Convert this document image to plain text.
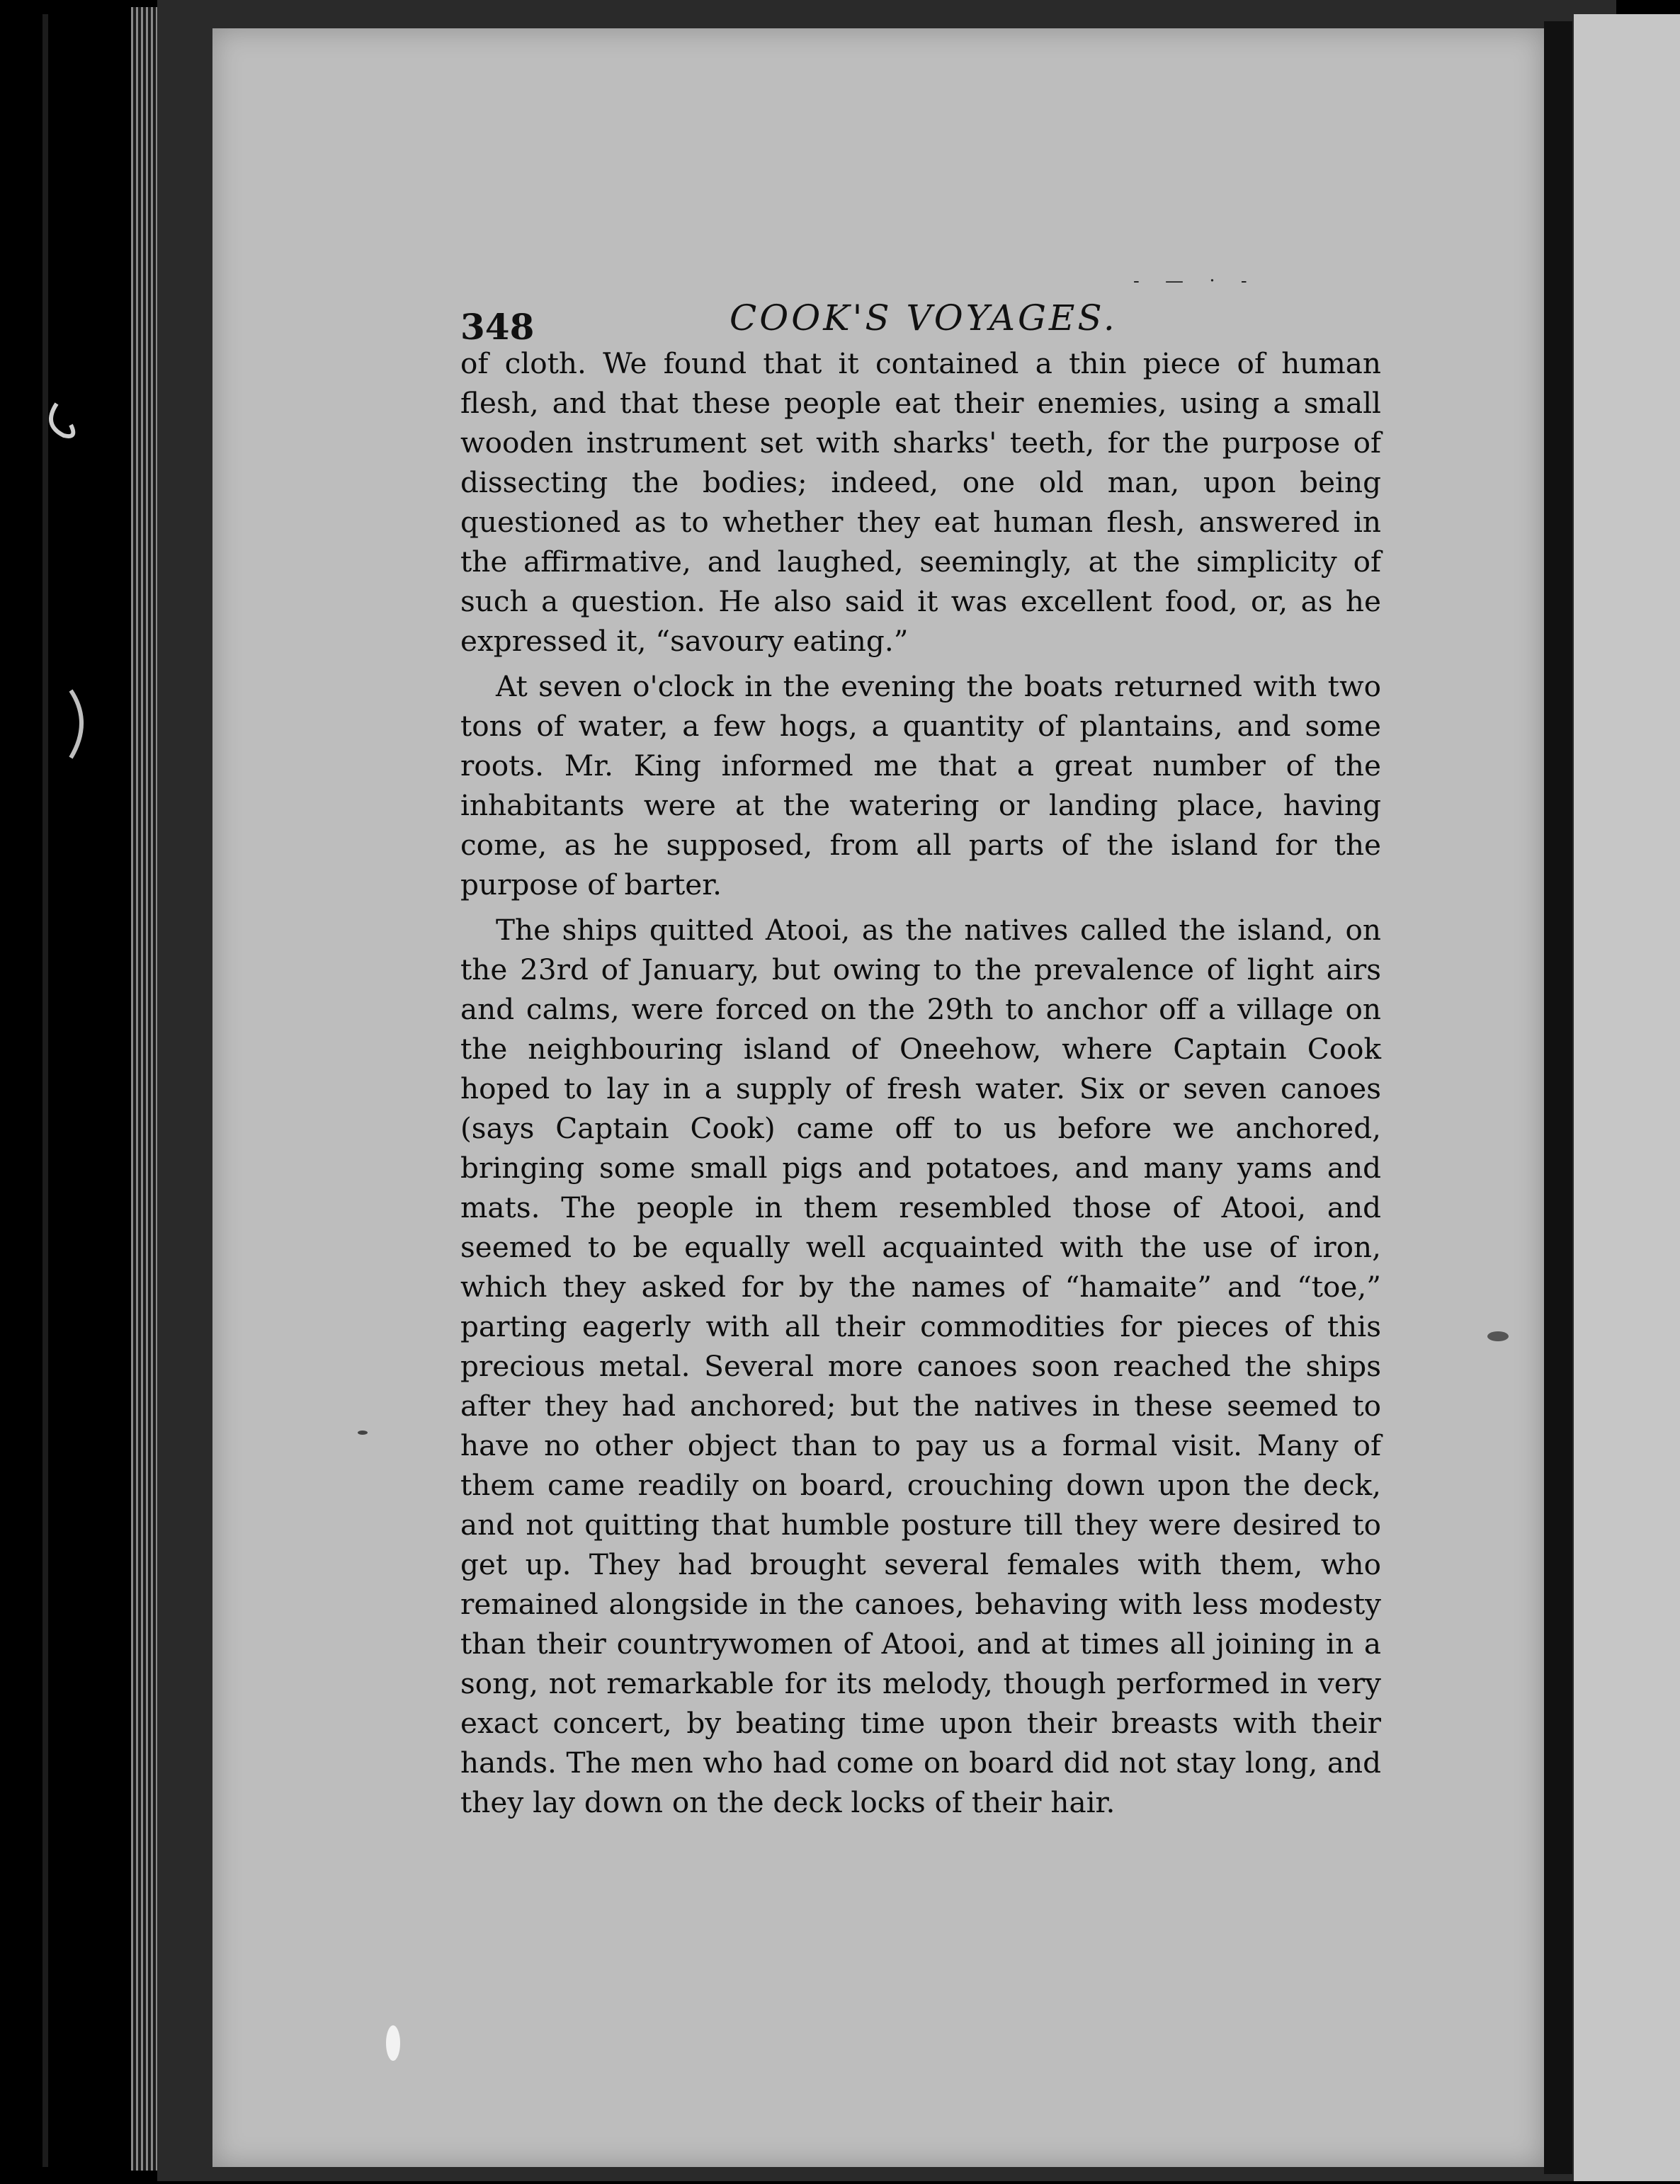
- — · -
348	COOK'S VOYAGES.

of cloth. We found that it contained a thin piece of human flesh, and that these people eat their enemies, using a small wooden instrument set with sharks' teeth, for the purpose of dissecting the bodies; indeed, one old man, upon being questioned as to whether they eat human flesh, answered in the affirmative, and laughed, seemingly, at the simplicity of such a question. He also said it was excellent food, or, as he expressed it, “savoury eating.”

At seven o'clock in the evening the boats returned with two tons of water, a few hogs, a quantity of plantains, and some roots. Mr. King informed me that a great number of the inhabitants were at the watering or landing place, having come, as he supposed, from all parts of the island for the purpose of barter.

The ships quitted Atooi, as the natives called the island, on the 23rd of January, but owing to the prevalence of light airs and calms, were forced on the 29th to anchor off a village on the neighbouring island of Oneehow, where Captain Cook hoped to lay in a supply of fresh water. Six or seven canoes (says Captain Cook) came off to us before we anchored, bringing some small pigs and potatoes, and many yams and mats. The people in them resembled those of Atooi, and seemed to be equally well acquainted with the use of iron, which they asked for by the names of “hamaite” and “toe,” parting eagerly with all their commodities for pieces of this precious metal. Several more canoes soon reached the ships after they had anchored; but the natives in these seemed to have no other object than to pay us a formal visit. Many of them came readily on board, crouching down upon the deck, and not quitting that humble posture till they were desired to get up. They had brought several females with them, who remained alongside in the canoes, behaving with less modesty than their countrywomen of Atooi, and at times all joining in a song, not remarkable for its melody, though performed in very exact concert, by beating time upon their breasts with their hands. The men who had come on board did not stay long, and they lay down on the deck locks of their hair.
